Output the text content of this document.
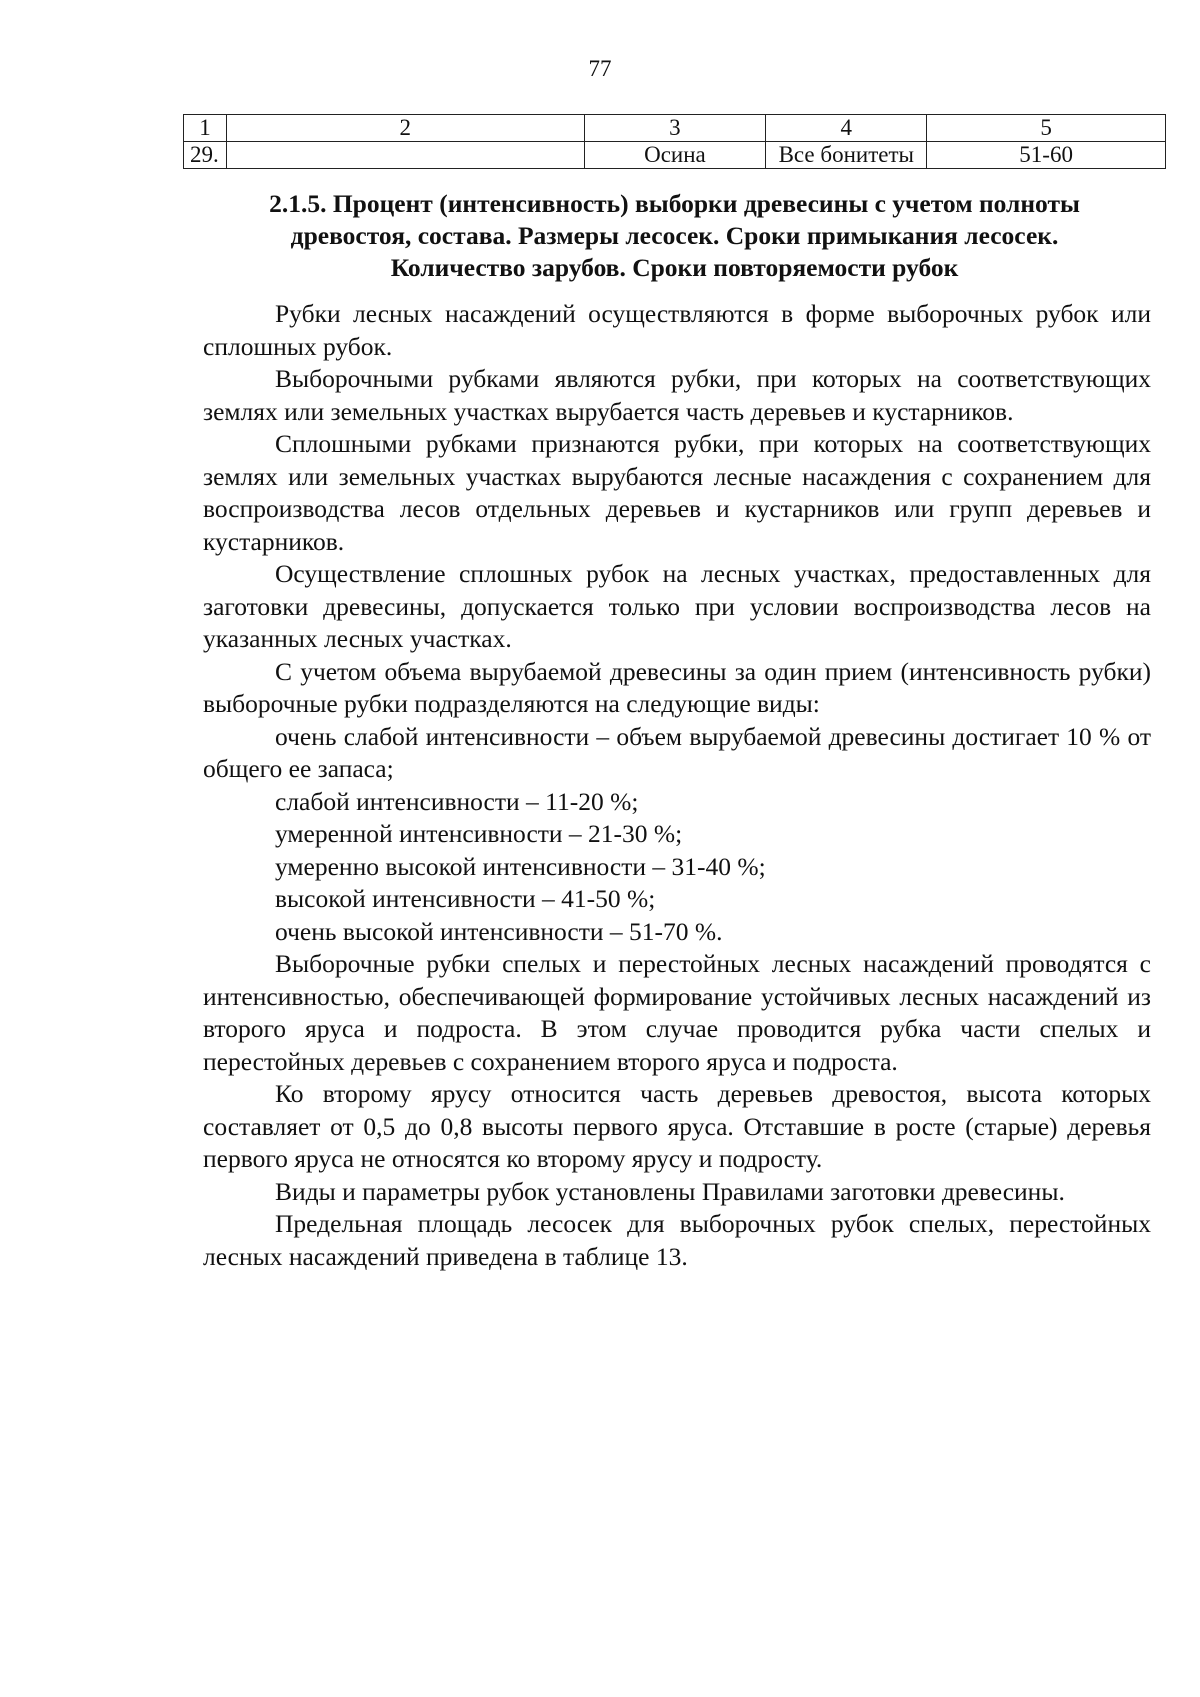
77
1	2	3	4	5
29.		Осина	Все бонитеты	51-60
2.1.5. Процент (интенсивность) выборки древесины с учетом полноты
древостоя, состава. Размеры лесосек. Сроки примыкания лесосек.
Количество зарубов. Сроки повторяемости рубок

Рубки лесных насаждений осуществляются в форме выборочных рубок или сплошных рубок.

Выборочными рубками являются рубки, при которых на соответствующих землях или земельных участках вырубается часть деревьев и кустарников.

Сплошными рубками признаются рубки, при которых на соответствующих землях или земельных участках вырубаются лесные насаждения с сохранением для воспроизводства лесов отдельных деревьев и кустарников или групп деревьев и кустарников.

Осуществление сплошных рубок на лесных участках, предоставленных для заготовки древесины, допускается только при условии воспроизводства лесов на указанных лесных участках.

С учетом объема вырубаемой древесины за один прием (интенсивность рубки) выборочные рубки подразделяются на следующие виды:

очень слабой интенсивности – объем вырубаемой древесины достигает 10 % от общего ее запаса;

слабой интенсивности – 11-20 %;

умеренной интенсивности – 21-30 %;

умеренно высокой интенсивности – 31-40 %;

высокой интенсивности – 41-50 %;

очень высокой интенсивности – 51-70 %.

Выборочные рубки спелых и перестойных лесных насаждений проводятся с интенсивностью, обеспечивающей формирование устойчивых лесных насаждений из второго яруса и подроста. В этом случае проводится рубка части спелых и перестойных деревьев с сохранением второго яруса и подроста.

Ко второму ярусу относится часть деревьев древостоя, высота которых составляет от 0,5 до 0,8 высоты первого яруса. Отставшие в росте (старые) деревья первого яруса не относятся ко второму ярусу и подросту.

Виды и параметры рубок установлены Правилами заготовки древесины.

Предельная площадь лесосек для выборочных рубок спелых, перестойных лесных насаждений приведена в таблице 13.
